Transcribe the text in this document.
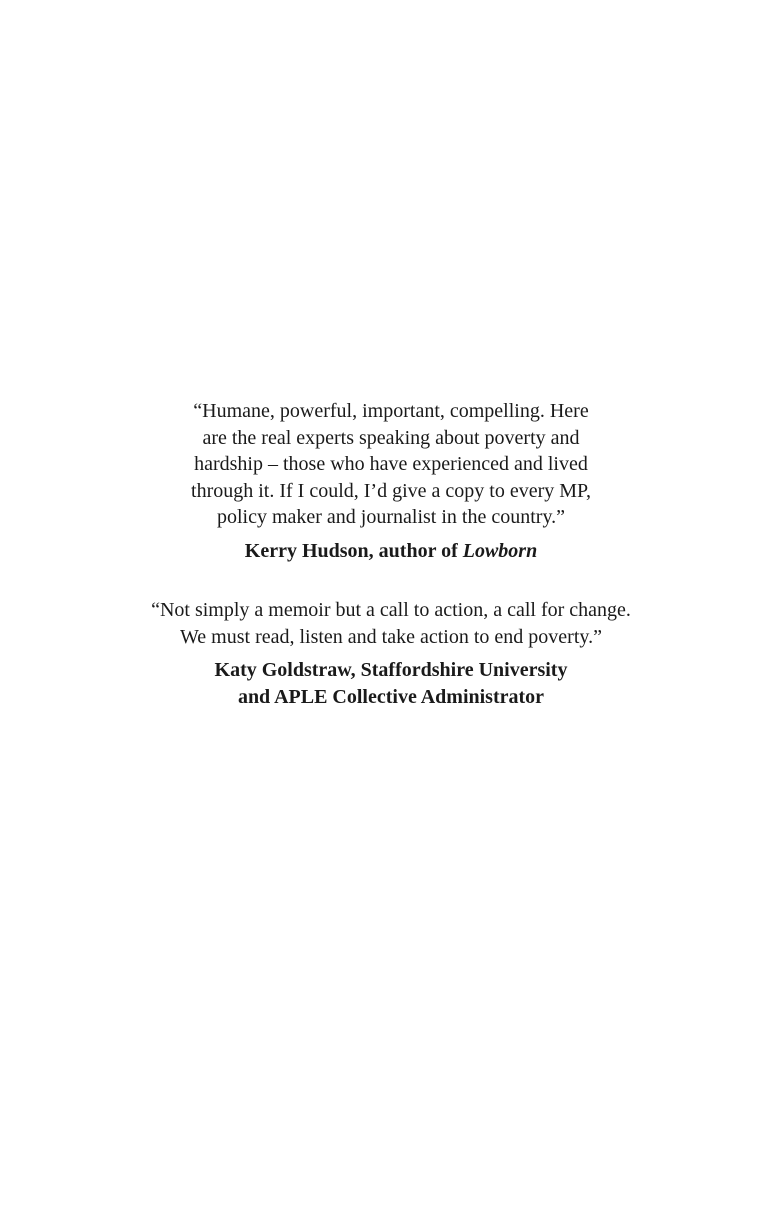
“Humane, powerful, important, compelling. Here
are the real experts speaking about poverty and
hardship – those who have experienced and lived
through it. If I could, I’d give a copy to every MP,
policy maker and journalist in the country.”
Kerry Hudson, author of Lowborn
“Not simply a memoir but a call to action, a call for change.
We must read, listen and take action to end poverty.”
Katy Goldstraw, Staffordshire University
and APLE Collective Administrator
